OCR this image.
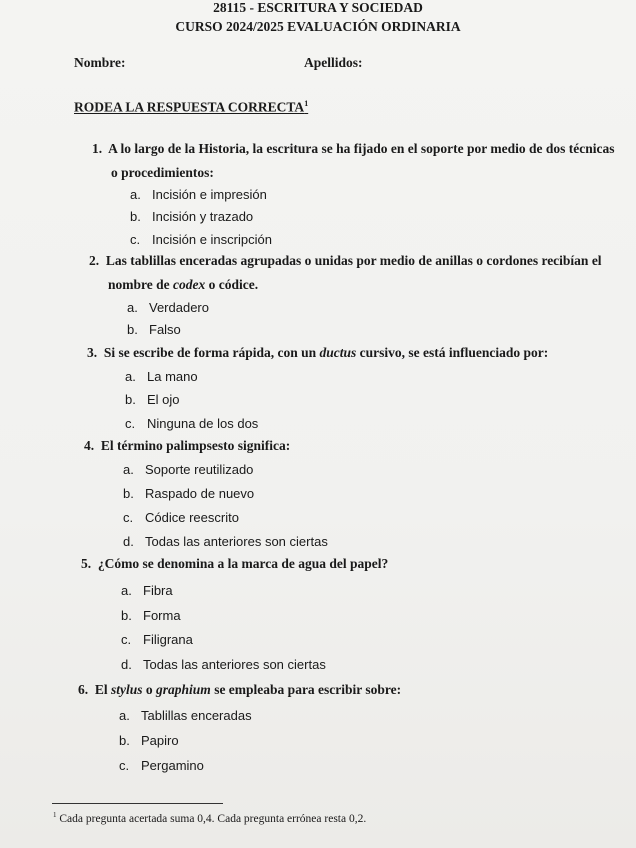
28115 - ESCRITURA Y SOCIEDAD
CURSO 2024/2025 EVALUACIÓN ORDINARIA
Nombre:	Apellidos:
RODEA LA RESPUESTA CORRECTA$^1$
1. A lo largo de la Historia, la escritura se ha fijado en el soporte por medio de dos técnicas
o procedimientos:
a. Incisión e impresión
b. Incisión y trazado
c. Incisión e inscripción
2. Las tablillas enceradas agrupadas o unidas por medio de anillas o cordones recibían el
nombre de codex o códice.
a. Verdadero
b. Falso
3. Si se escribe de forma rápida, con un ductus cursivo, se está influenciado por:
a. La mano
b. El ojo
c. Ninguna de los dos
4. El término palimpsesto significa:
a. Soporte reutilizado
b. Raspado de nuevo
c. Códice reescrito
d. Todas las anteriores son ciertas
5. ¿Cómo se denomina a la marca de agua del papel?
a. Fibra
b. Forma
c. Filigrana
d. Todas las anteriores son ciertas
6. El stylus o graphium se empleaba para escribir sobre:
a. Tablillas enceradas
b. Papiro
c. Pergamino
$^1$ Cada pregunta acertada suma 0,4. Cada pregunta errónea resta 0,2.
